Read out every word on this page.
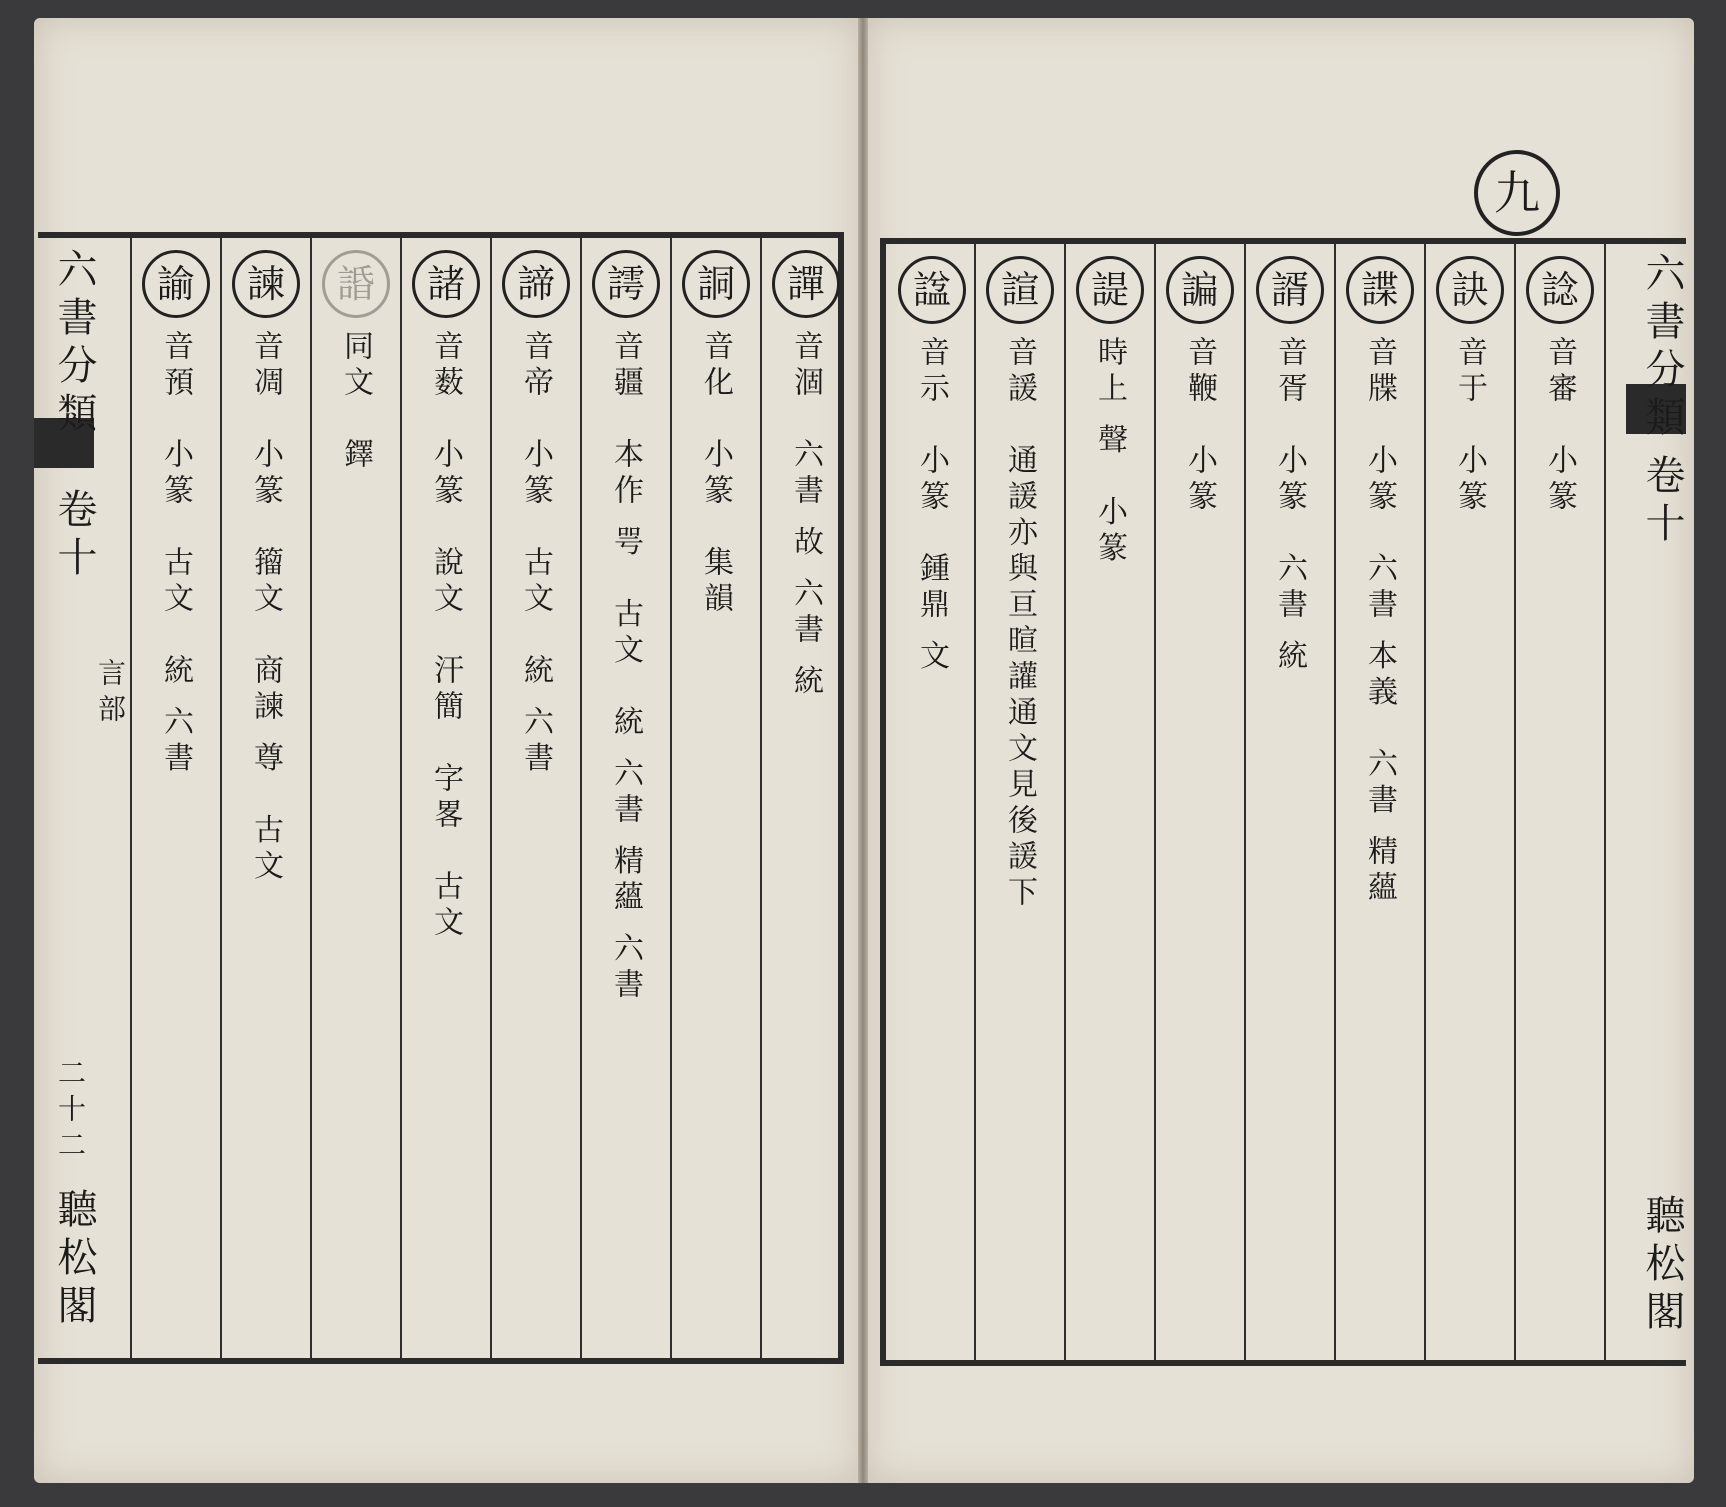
譂
音涸　六書 故 六書 統
詷
音化　小篆　集韻
謣
音疆　本作 咢　古文　統 六書 精蘊 六書
諦
音帝　小篆　古文　統 六書
諸
音薮　小篆　說文　汗簡　字畧　古文
諙
同文　鐸
諫
音凋　小篆　籀文　商諫 尊　古文
諭
音預　小篆　古文　統 六書
六書分類
卷十
言部
二十二
聽松閣
諗
音審　小篆
訣
音于　小篆
諜
音牒　小篆　六書 本義　六書 精蘊
諝
音胥　小篆　六書 統
諞
音鞭　小篆
諟
時上 聲　小篆
諠
音諼　通諼亦與亘暄讙通文見後諼下
諡
音示　小篆　鍾鼎 文	六書分類
卷十
聽松閣
九
